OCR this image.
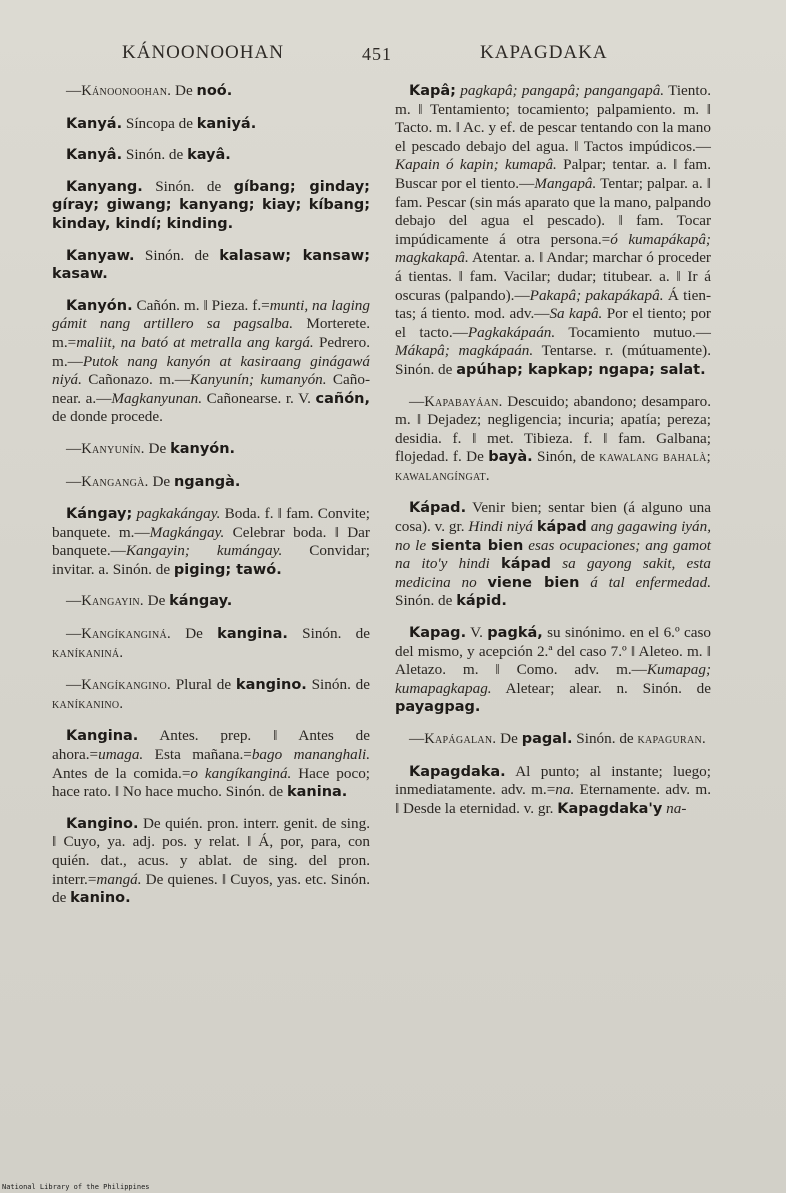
KÁNOONOOHAN	451	KAPAGDAKA

—Kánoonoohan. De noó.

Kanyá. Síncopa de kaniyá.

Kanyâ. Sinón. de kayâ.

Kanyang. Sinón. de gíbang; ginday; gíray; giwang; kanyang; kiay; kíbang; kinday, kindí; kinding.

Kanyaw. Sinón. de kalasaw; kansaw; kasaw.

Kanyón. Cañón. m. ‖ Pieza. f.=munti, na laging gámit nang artillero sa pagsalba. Morterete. m.=maliit, na bató at metralla ang kargá. Pedrero. m.—Putok nang kanyón at kasiraang ginágawá niyá. Cañonazo. m.—Kanyunín; kumanyón. Cañonear. a.—Magkanyunan. Cañonearse. r. V. cañón, de donde procede.

—Kanyunín. De kanyón.

—Kangangà. De ngangà.

Kángay; pagkakángay. Boda. f. ‖ fam. Convite; banquete. m.—Magkángay. Celebrar boda. ‖ Dar banquete.—Kangayin; kumángay. Convidar; invitar. a. Sinón. de piging; tawó.

—Kangayin. De kángay.

—Kangíkanginá. De kangina. Sinón. de kaníkaniná.

—Kangíkangino. Plural de kangino. Sinón. de kaníkanino.

Kangina. Antes. prep. ‖ Antes de ahora.=umaga. Esta mañana.=bago mananghali. Antes de la comida.=o kangíkanginá. Hace poco; hace rato. ‖ No hace mucho. Sinón. de kanina.

Kangino. De quién. pron. interr. genit. de sing. ‖ Cuyo, ya. adj. pos. y relat. ‖ Á, por, para, con quién. dat., acus. y ablat. de sing. del pron. interr.=mangá. De quienes. ‖ Cuyos, yas. etc. Sinón. de kanino.

Kapâ; pagkapâ; pangapâ; pangangapâ. Tiento. m. ‖ Tentamiento; tocamiento; palpamiento. m. ‖ Tacto. m. ‖ Ac. y ef. de pescar tentando con la mano el pescado debajo del agua. ‖ Tactos impúdicos.—Kapain ó kapin; kumapâ. Palpar; tentar. a. ‖ fam. Buscar por el tiento.—Mangapâ. Tentar; palpar. a. ‖ fam. Pescar (sin más aparato que la mano, palpando debajo del agua el pescado). ‖ fam. Tocar impúdicamente á otra persona.=ó kumapákapâ; magkakapâ. Atentar. a. ‖ Andar; marchar ó proceder á tientas. ‖ fam. Vacilar; dudar; titubear. a. ‖ Ir á oscuras (palpando).—Pakapâ; pakapákapâ. Á tientas; á tiento. mod. adv.—Sa kapâ. Por el tiento; por el tacto.—Pagkakápaán. Tocamiento mutuo.—Mákapâ; magkápaán. Tentarse. r. (mútuamente). Sinón. de apúhap; kapkap; ngapa; salat.

—Kapabayáan. Descuido; abandono; desamparo. m. ‖ Dejadez; negligencia; incuria; apatía; pereza; desidia. f. ‖ met. Tibieza. f. ‖ fam. Galbana; flojedad. f. De bayà. Sinón, de kawalang bahalà; kawalangíngat.

Kápad. Venir bien; sentar bien (á alguno una cosa). v. gr. Hindi niyá kápad ang gagawing iyán, no le sienta bien esas ocupaciones; ang gamot na ito'y hindi kápad sa gayong sakit, esta medicina no viene bien á tal enfermedad. Sinón. de kápid.

Kapag. V. pagká, su sinónimo. en el 6.º caso del mismo, y acepción 2.ª del caso 7.º ‖ Aleteo. m. ‖ Aletazo. m. ‖ Como. adv. m.—Kumapag; kumapagkapag. Aletear; alear. n. Sinón. de payagpag.

—Kapágalan. De pagal. Sinón. de kapaguran.

Kapagdaka. Al punto; al instante; luego; inmediatamente. adv. m.=na. Eternamente. adv. m. ‖ Desde la eternidad. v. gr. Kapagdaka'y na-

National Library of the Philippines
